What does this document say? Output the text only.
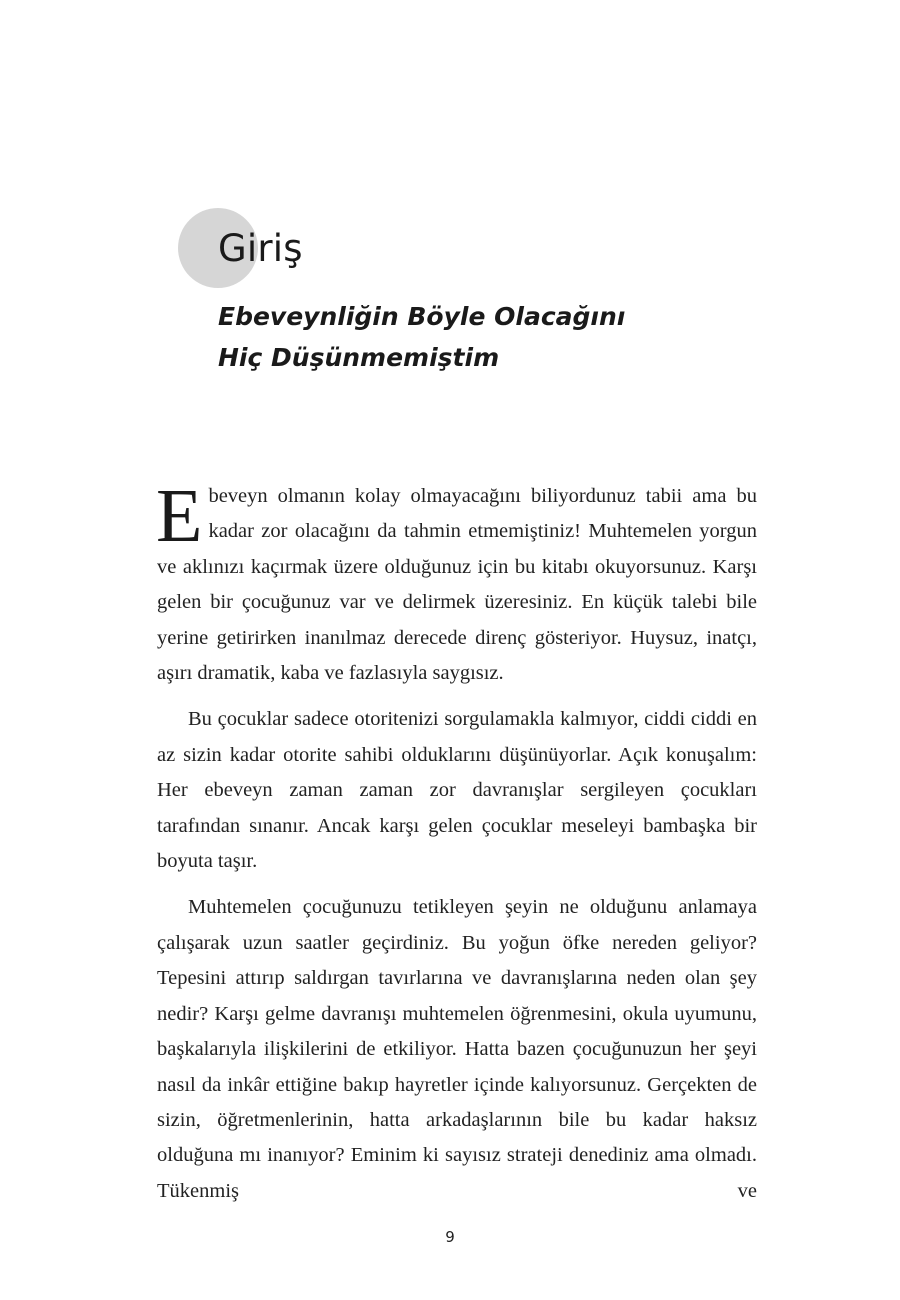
Giriş
Ebeveynliğin Böyle Olacağını
Hiç Düşünmemiştim

Ebeveyn olmanın kolay olmayacağını biliyordunuz tabii ama bu kadar zor olacağını da tahmin etmemiştiniz! Muhtemelen yorgun ve aklınızı kaçırmak üzere olduğunuz için bu kitabı okuyorsunuz. Karşı gelen bir çocuğunuz var ve delirmek üzeresiniz. En küçük talebi bile yerine getirirken inanılmaz derecede direnç gösteriyor. Huysuz, inatçı, aşırı dramatik, kaba ve fazlasıyla saygısız.

Bu çocuklar sadece otoritenizi sorgulamakla kalmıyor, ciddi ciddi en az sizin kadar otorite sahibi olduklarını düşünüyorlar. Açık konuşalım: Her ebeveyn zaman zaman zor davranışlar sergileyen çocukları tarafından sınanır. Ancak karşı gelen çocuklar meseleyi bambaşka bir boyuta taşır.

Muhtemelen çocuğunuzu tetikleyen şeyin ne olduğunu anlamaya çalışarak uzun saatler geçirdiniz. Bu yoğun öfke nereden geliyor? Tepesini attırıp saldırgan tavırlarına ve davranışlarına neden olan şey nedir? Karşı gelme davranışı muhtemelen öğrenmesini, okula uyumunu, başkalarıyla ilişkilerini de etkiliyor. Hatta bazen çocuğunuzun her şeyi nasıl da inkâr ettiğine bakıp hayretler içinde kalıyorsunuz. Gerçekten de sizin, öğretmenlerinin, hatta arkadaşlarının bile bu kadar haksız olduğuna mı inanıyor? Eminim ki sayısız strateji denediniz ama olmadı. Tükenmiş ve

9
